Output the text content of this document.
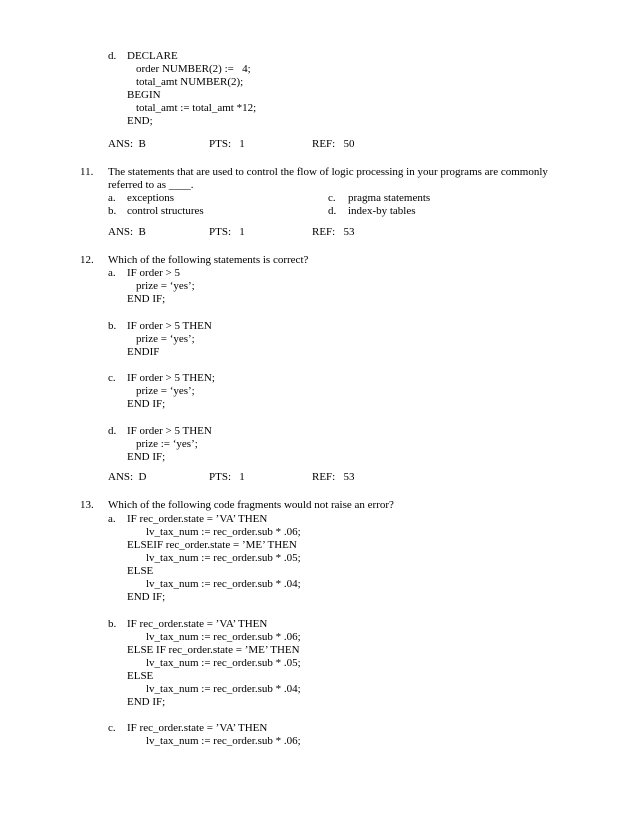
d. DECLARE
order NUMBER(2) :=   4;
total_amt NUMBER(2);
BEGIN
total_amt := total_amt *12;
END;
ANS:  B	PTS:   1	REF:   50
11. The statements that are used to control the flow of logic processing in your programs are commonly
referred to as ____.
a. exceptions	c. pragma statements
b. control structures	d. index-by tables
ANS:  B	PTS:   1	REF:   53
12. Which of the following statements is correct?
a. IF order > 5
prize = ‘yes’;
END IF;
b. IF order > 5 THEN
prize = ‘yes’;
ENDIF
c. IF order > 5 THEN;
prize = ‘yes’;
END IF;
d. IF order > 5 THEN
prize := ‘yes’;
END IF;
ANS:  D	PTS:   1	REF:   53
13. Which of the following code fragments would not raise an error?
a. IF rec_order.state = ’VA’ THEN
lv_tax_num := rec_order.sub * .06;
ELSEIF rec_order.state = ’ME’ THEN
lv_tax_num := rec_order.sub * .05;
ELSE
lv_tax_num := rec_order.sub * .04;
END IF;
b. IF rec_order.state = ’VA’ THEN
lv_tax_num := rec_order.sub * .06;
ELSE IF rec_order.state = ’ME’ THEN
lv_tax_num := rec_order.sub * .05;
ELSE
lv_tax_num := rec_order.sub * .04;
END IF;
c. IF rec_order.state = ’VA’ THEN
lv_tax_num := rec_order.sub * .06;
